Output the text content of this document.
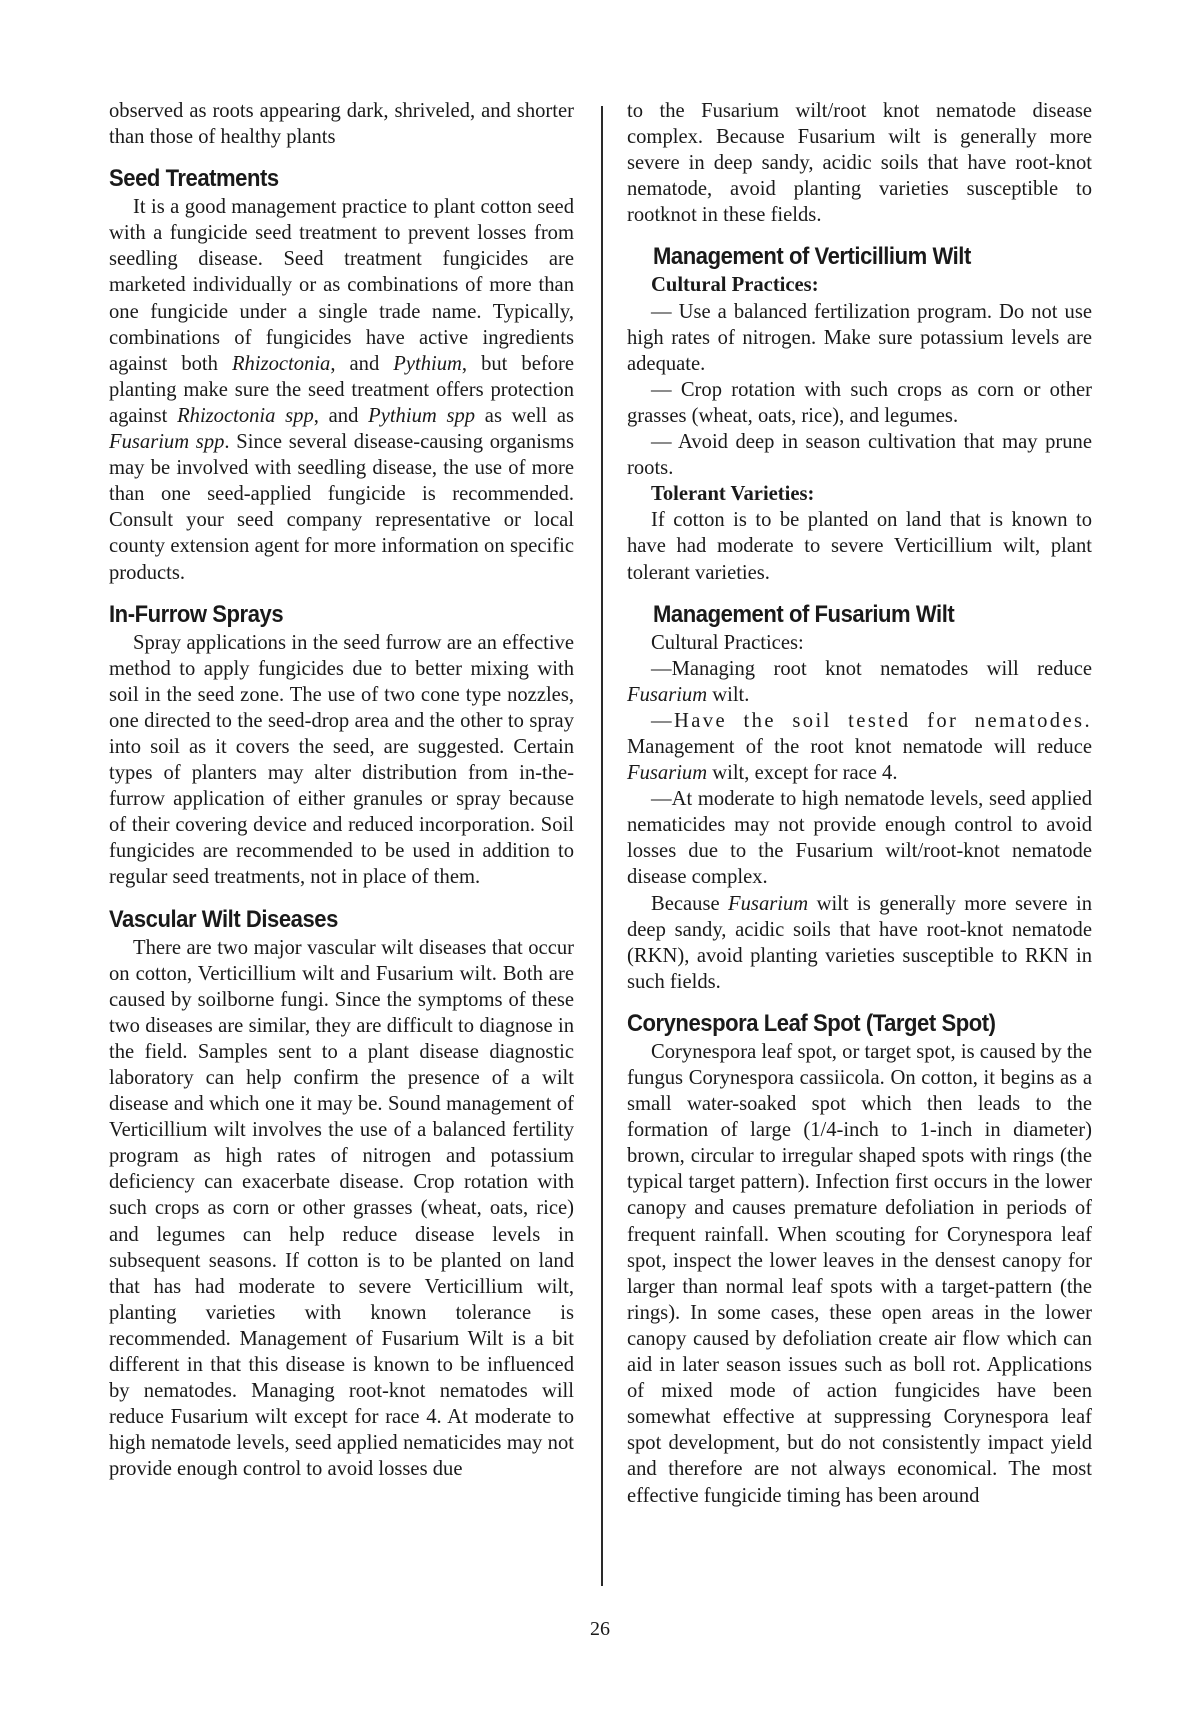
observed as roots appearing dark, shriveled, and shorter than those of healthy plants

Seed Treatments

It is a good management practice to plant cotton seed with a fungicide seed treatment to prevent losses from seedling disease. Seed treatment fungicides are marketed individually or as combinations of more than one fungicide under a single trade name. Typically, combinations of fungicides have active ingredients against both Rhizoctonia, and Pythium, but before planting make sure the seed treatment offers protection against Rhizoctonia spp, and Pythium spp as well as Fusarium spp. Since several disease-causing organisms may be involved with seedling disease, the use of more than one seed-applied fungicide is recommended. Consult your seed company representative or local county extension agent for more information on specific products.

In-Furrow Sprays

Spray applications in the seed furrow are an effective method to apply fungicides due to better mixing with soil in the seed zone. The use of two cone type nozzles, one directed to the seed-drop area and the other to spray into soil as it covers the seed, are suggested. Certain types of planters may alter distribution from in-the-furrow application of either granules or spray because of their covering device and reduced incorporation. Soil fungicides are recommended to be used in addition to regular seed treatments, not in place of them.

Vascular Wilt Diseases

There are two major vascular wilt diseases that occur on cotton, Verticillium wilt and Fusarium wilt. Both are caused by soilborne fungi. Since the symptoms of these two diseases are similar, they are difficult to diagnose in the field. Samples sent to a plant disease diagnostic laboratory can help confirm the presence of a wilt disease and which one it may be. Sound management of Verticillium wilt involves the use of a balanced fertility program as high rates of nitrogen and potassium deficiency can exacerbate disease. Crop rotation with such crops as corn or other grasses (wheat, oats, rice) and legumes can help reduce disease levels in subsequent seasons. If cotton is to be planted on land that has had moderate to severe Verticillium wilt, planting varieties with known tolerance is recommended. Management of Fusarium Wilt is a bit different in that this disease is known to be influenced by nematodes. Managing root-knot nematodes will reduce Fusarium wilt except for race 4. At moderate to high nematode levels, seed applied nematicides may not provide enough control to avoid losses due

to the Fusarium wilt/root knot nematode disease complex. Because Fusarium wilt is generally more severe in deep sandy, acidic soils that have root-knot nematode, avoid planting varieties susceptible to rootknot in these fields.

Management of Verticillium Wilt

Cultural Practices:

— Use a balanced fertilization program. Do not use high rates of nitrogen. Make sure potassium levels are adequate.

— Crop rotation with such crops as corn or other grasses (wheat, oats, rice), and legumes.

— Avoid deep in season cultivation that may prune roots.

Tolerant Varieties:

If cotton is to be planted on land that is known to have had moderate to severe Verticillium wilt, plant tolerant varieties.

Management of Fusarium Wilt

Cultural Practices:

—Managing root knot nematodes will reduce Fusarium wilt.

—Have the soil tested for nematodes. Management of the root knot nematode will reduce Fusarium wilt, except for race 4.

—At moderate to high nematode levels, seed applied nematicides may not provide enough control to avoid losses due to the Fusarium wilt/root-knot nematode disease complex.

Because Fusarium wilt is generally more severe in deep sandy, acidic soils that have root-knot nematode (RKN), avoid planting varieties susceptible to RKN in such fields.

Corynespora Leaf Spot (Target Spot)

Corynespora leaf spot, or target spot, is caused by the fungus Corynespora cassiicola. On cotton, it begins as a small water-soaked spot which then leads to the formation of large (1/4-inch to 1-inch in diameter) brown, circular to irregular shaped spots with rings (the typical target pattern). Infection first occurs in the lower canopy and causes premature defoliation in periods of frequent rainfall. When scouting for Corynespora leaf spot, inspect the lower leaves in the densest canopy for larger than normal leaf spots with a target-pattern (the rings). In some cases, these open areas in the lower canopy caused by defoliation create air flow which can aid in later season issues such as boll rot. Applications of mixed mode of action fungicides have been somewhat effective at suppressing Corynespora leaf spot development, but do not consistently impact yield and therefore are not always economical. The most effective fungicide timing has been around

26
